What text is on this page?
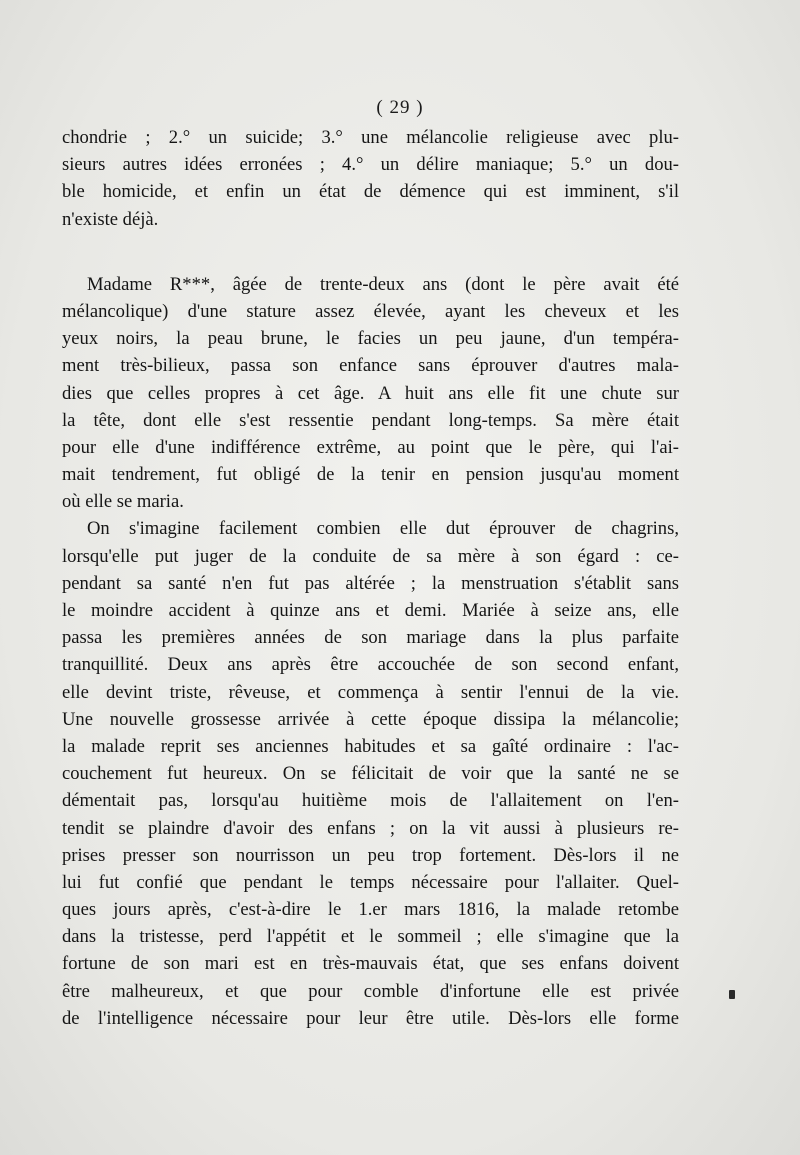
( 29 )
chondrie ; 2.° un suicide; 3.° une mélancolie religieuse avec plu-
sieurs autres idées erronées ; 4.° un délire maniaque; 5.° un dou-
ble homicide, et enfin un état de démence qui est imminent, s'il
n'existe déjà.
Madame R***, âgée de trente-deux ans (dont le père avait été
mélancolique) d'une stature assez élevée, ayant les cheveux et les
yeux noirs, la peau brune, le facies un peu jaune, d'un tempéra-
ment très-bilieux, passa son enfance sans éprouver d'autres mala-
dies que celles propres à cet âge. A huit ans elle fit une chute sur
la tête, dont elle s'est ressentie pendant long-temps. Sa mère était
pour elle d'une indifférence extrême, au point que le père, qui l'ai-
mait tendrement, fut obligé de la tenir en pension jusqu'au moment
où elle se maria.
On s'imagine facilement combien elle dut éprouver de chagrins,
lorsqu'elle put juger de la conduite de sa mère à son égard : ce-
pendant sa santé n'en fut pas altérée ; la menstruation s'établit sans
le moindre accident à quinze ans et demi. Mariée à seize ans, elle
passa les premières années de son mariage dans la plus parfaite
tranquillité. Deux ans après être accouchée de son second enfant,
elle devint triste, rêveuse, et commença à sentir l'ennui de la vie.
Une nouvelle grossesse arrivée à cette époque dissipa la mélancolie;
la malade reprit ses anciennes habitudes et sa gaîté ordinaire : l'ac-
couchement fut heureux. On se félicitait de voir que la santé ne se
démentait pas, lorsqu'au huitième mois de l'allaitement on l'en-
tendit se plaindre d'avoir des enfans ; on la vit aussi à plusieurs re-
prises presser son nourrisson un peu trop fortement. Dès-lors il ne
lui fut confié que pendant le temps nécessaire pour l'allaiter. Quel-
ques jours après, c'est-à-dire le 1.er mars 1816, la malade retombe
dans la tristesse, perd l'appétit et le sommeil ; elle s'imagine que la
fortune de son mari est en très-mauvais état, que ses enfans doivent
être malheureux, et que pour comble d'infortune elle est privée
de l'intelligence nécessaire pour leur être utile. Dès-lors elle forme
